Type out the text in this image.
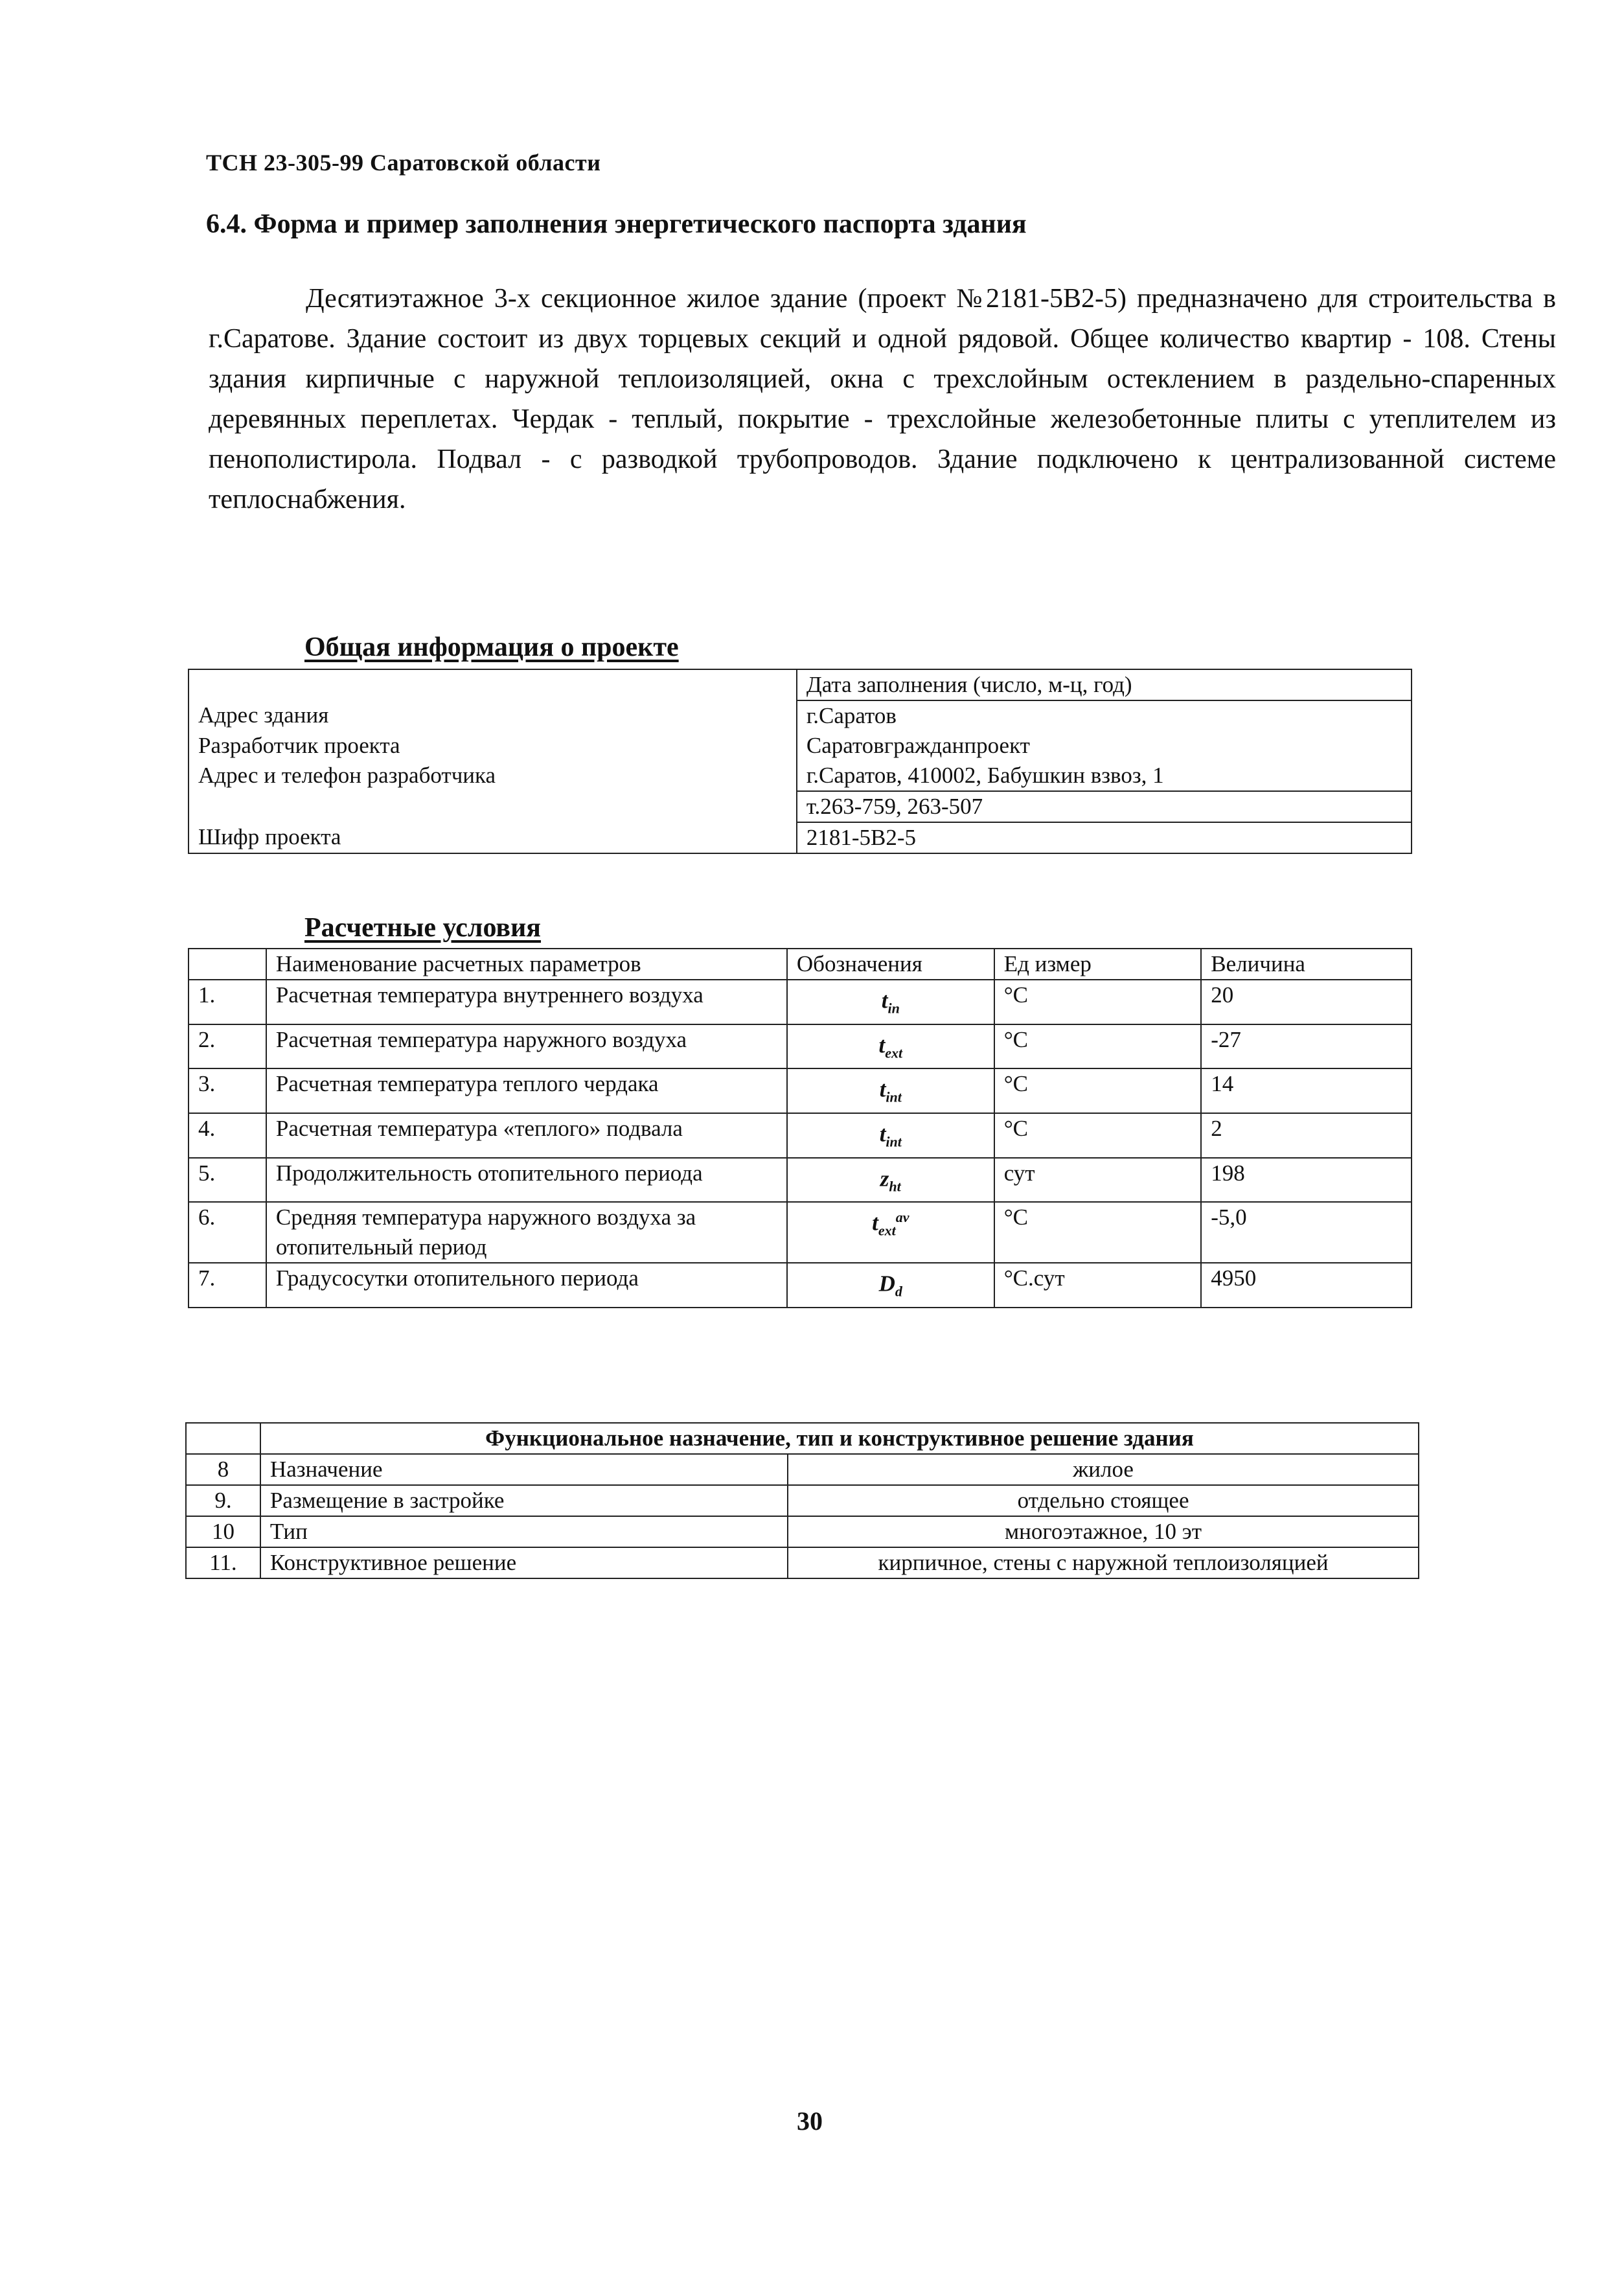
ТСН 23-305-99 Саратовской области
6.4. Форма и пример заполнения энергетического паспорта здания

Десятиэтажное 3-х секционное жилое здание (проект №2181-5В2-5) предназначено для строительства в г.Саратове. Здание состоит из двух торцевых секций и одной рядовой. Общее количество квартир - 108. Стены здания кирпичные с наружной теплоизоляцией, окна с трехслойным остеклением в раздельно-спаренных деревянных переплетах. Чердак - теплый, покрытие - трехслойные железобетонные плиты с утеплителем из пенополистирола. Подвал - с разводкой трубопроводов. Здание подключено к централизованной системе теплоснабжения.

Общая информация о проекте
	Дата заполнения (число, м-ц, год)
Адрес здания	г.Саратов
Разработчик проекта	Саратовгражданпроект
Адрес и телефон разработчика	г.Саратов, 410002, Бабушкин взвоз, 1
	т.263-759, 263-507
Шифр проекта	2181-5В2-5
Расчетные условия
	Наименование расчетных параметров	Обозначения	Ед измер	Величина
1.	Расчетная температура внутреннего воздуха	$t_{in}$	°С	20
2.	Расчетная температура наружного воздуха	$t_{ext}$	°С	-27
3.	Расчетная температура теплого чердака	$t_{int}$	°С	14
4.	Расчетная температура «теплого» подвала	$t_{int}$	°С	2
5.	Продолжительность отопительного периода	$z_{ht}$	сут	198
6.	Средняя температура наружного воздуха за отопительный период	$t_{ext}^{av}$	°С	-5,0
7.	Градусосутки отопительного периода	$D_d$	°С.сут	4950
	Функциональное назначение, тип и конструктивное решение здания	
8	Назначение	жилое
9.	Размещение в застройке	отдельно стоящее
10	Тип	многоэтажное, 10 эт
11.	Конструктивное решение	кирпичное, стены с наружной теплоизоляцией
30
